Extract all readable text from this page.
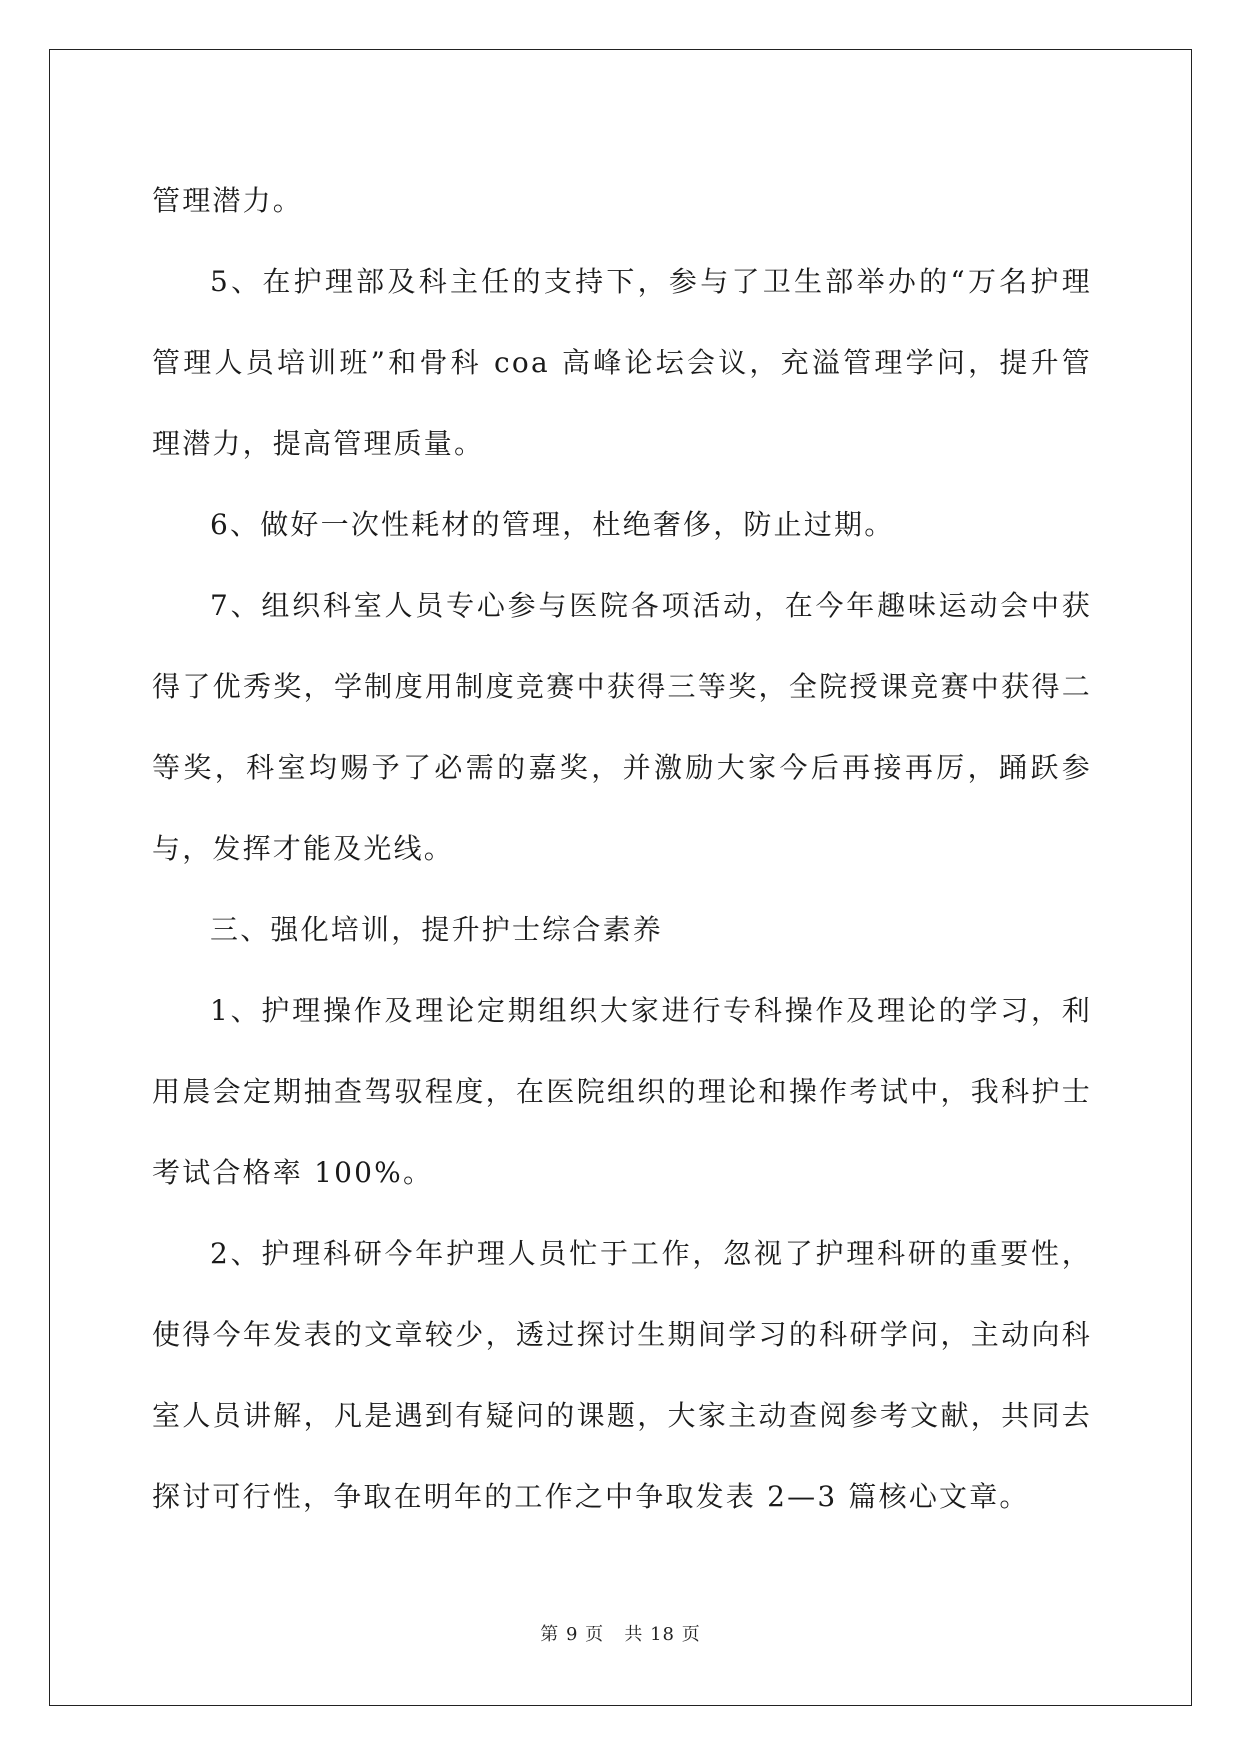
管理潜力。

5、在护理部及科主任的支持下，参与了卫生部举办的“万名护理管理人员培训班”和骨科 coa 高峰论坛会议，充溢管理学问，提升管理潜力，提高管理质量。

6、做好一次性耗材的管理，杜绝奢侈，防止过期。

7、组织科室人员专心参与医院各项活动，在今年趣味运动会中获得了优秀奖，学制度用制度竞赛中获得三等奖，全院授课竞赛中获得二等奖，科室均赐予了必需的嘉奖，并激励大家今后再接再厉，踊跃参与，发挥才能及光线。

三、强化培训，提升护士综合素养

1、护理操作及理论定期组织大家进行专科操作及理论的学习，利用晨会定期抽查驾驭程度，在医院组织的理论和操作考试中，我科护士考试合格率 100%。

2、护理科研今年护理人员忙于工作，忽视了护理科研的重要性，使得今年发表的文章较少，透过探讨生期间学习的科研学问，主动向科室人员讲解，凡是遇到有疑问的课题，大家主动查阅参考文献，共同去探讨可行性，争取在明年的工作之中争取发表 2—3 篇核心文章。

第 9 页 共 18 页
